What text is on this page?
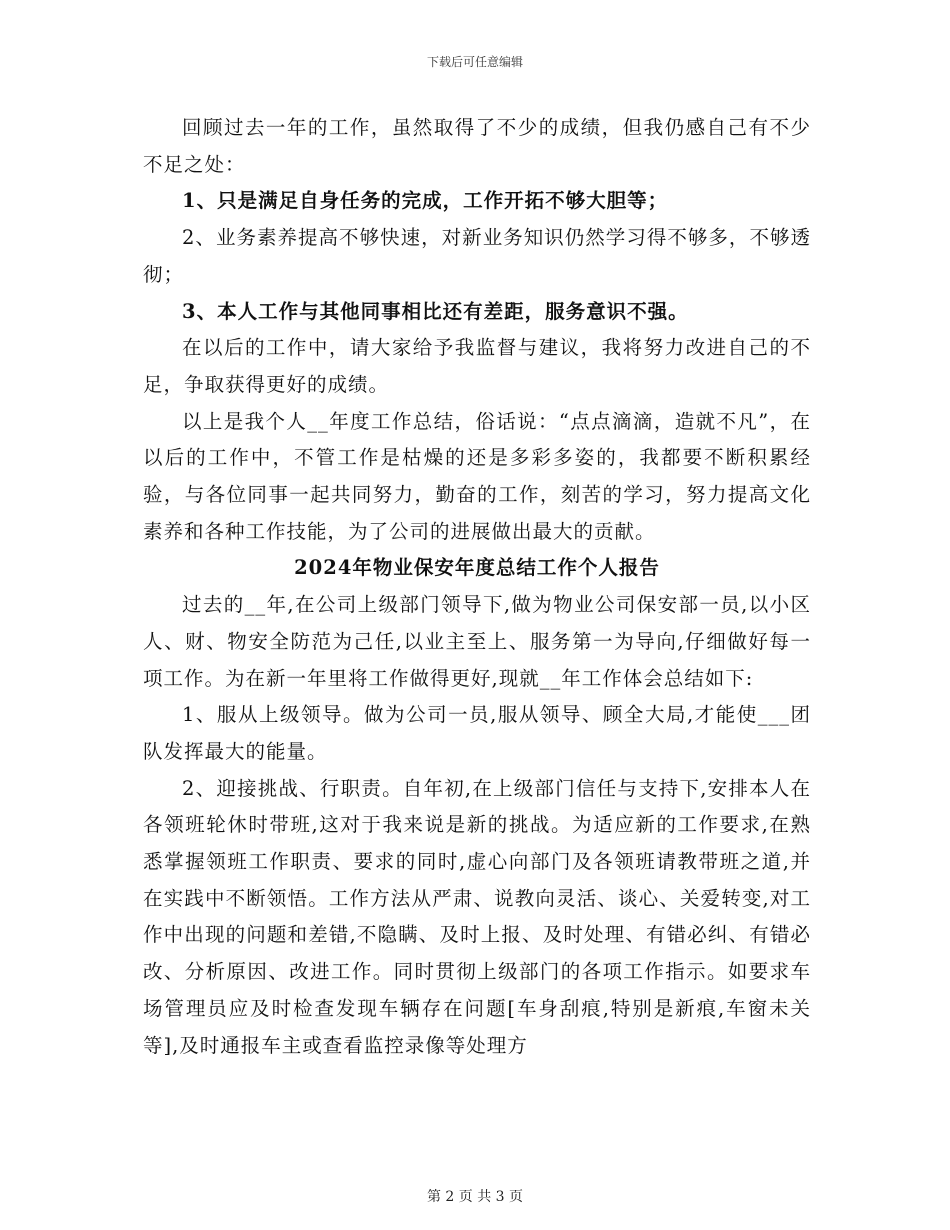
下载后可任意编辑

回顾过去一年的工作，虽然取得了不少的成绩，但我仍感自己有不少不足之处：

1、只是满足自身任务的完成，工作开拓不够大胆等；

2、业务素养提高不够快速，对新业务知识仍然学习得不够多，不够透彻；

3、本人工作与其他同事相比还有差距，服务意识不强。

在以后的工作中，请大家给予我监督与建议，我将努力改进自己的不足，争取获得更好的成绩。

以上是我个人__年度工作总结，俗话说：“点点滴滴，造就不凡”，在以后的工作中，不管工作是枯燥的还是多彩多姿的，我都要不断积累经验，与各位同事一起共同努力，勤奋的工作，刻苦的学习，努力提高文化素养和各种工作技能，为了公司的进展做出最大的贡献。

2024年物业保安年度总结工作个人报告

过去的__年,在公司上级部门领导下,做为物业公司保安部一员,以小区人、财、物安全防范为己任,以业主至上、服务第一为导向,仔细做好每一项工作。为在新一年里将工作做得更好,现就__年工作体会总结如下:

1、服从上级领导。做为公司一员,服从领导、顾全大局,才能使___团队发挥最大的能量。

2、迎接挑战、行职责。自年初,在上级部门信任与支持下,安排本人在各领班轮休时带班,这对于我来说是新的挑战。为适应新的工作要求,在熟悉掌握领班工作职责、要求的同时,虚心向部门及各领班请教带班之道,并在实践中不断领悟。工作方法从严肃、说教向灵活、谈心、关爱转变,对工作中出现的问题和差错,不隐瞒、及时上报、及时处理、有错必纠、有错必改、分析原因、改进工作。同时贯彻上级部门的各项工作指示。如要求车场管理员应及时检查发现车辆存在问题[车身刮痕,特别是新痕,车窗未关等],及时通报车主或查看监控录像等处理方

第 2 页 共 3 页
